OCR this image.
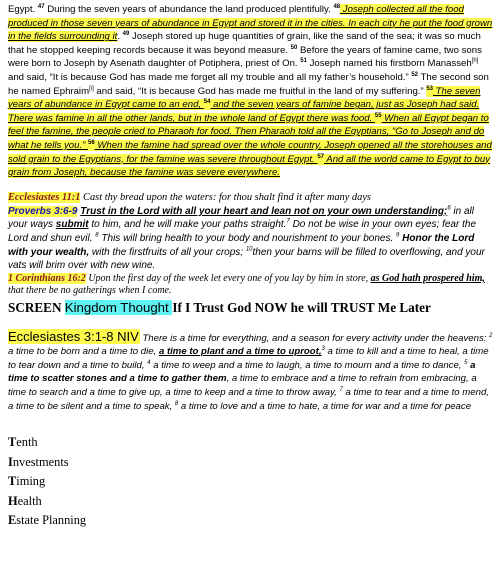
Egypt. $^{47}$ During the seven years of abundance the land produced plentifully. $^{48}$ Joseph collected all the food produced in those seven years of abundance in Egypt and stored it in the cities. In each city he put the food grown in the fields surrounding it. $^{49}$ Joseph stored up huge quantities of grain, like the sand of the sea; it was so much that he stopped keeping records because it was beyond measure. $^{50}$ Before the years of famine came, two sons were born to Joseph by Asenath daughter of Potiphera, priest of On. $^{51}$ Joseph named his firstborn Manasseh[h] and said, “It is because God has made me forget all my trouble and all my father’s household.” $^{52}$ The second son he named Ephraim[i] and said, “It is because God has made me fruitful in the land of my suffering.” $^{53}$ The seven years of abundance in Egypt came to an end, $^{54}$ and the seven years of famine began, just as Joseph had said. There was famine in all the other lands, but in the whole land of Egypt there was food. $^{55}$ When all Egypt began to feel the famine, the people cried to Pharaoh for food. Then Pharaoh told all the Egyptians, “Go to Joseph and do what he tells you.” $^{56}$ When the famine had spread over the whole country, Joseph opened all the storehouses and sold grain to the Egyptians, for the famine was severe throughout Egypt. $^{57}$ And all the world came to Egypt to buy grain from Joseph, because the famine was severe everywhere.

Ecclesiastes 11:1 Cast thy bread upon the waters: for thou shalt find it after many days

Proverbs 3:6-9 Trust in the Lord with all your heart and lean not on your own understanding;$^6$ in all your ways submit to him, and he will make your paths straight.$^7$ Do not be wise in your own eyes; fear the Lord and shun evil. $^8$ This will bring health to your body and nourishment to your bones. $^9$ Honor the Lord with your wealth, with the firstfruits of all your crops; $^{10}$then your barns will be filled to overflowing, and your vats will brim over with new wine.

1 Corinthians 16:2 Upon the first day of the week let every one of you lay by him in store, as God hath prospered him, that there be no gatherings when I come.

SCREEN Kingdom Thought If I Trust God NOW he will TRUST Me Later

Ecclesiastes 3:1-8 NIV There is a time for everything, and a season for every activity under the heavens: $^2$ a time to be born and a time to die, a time to plant and a time to uproot,$^3$ a time to kill and a time to heal, a time to tear down and a time to build, $^4$ a time to weep and a time to laugh, a time to mourn and a time to dance, $^5$ a time to scatter stones and a time to gather them, a time to embrace and a time to refrain from embracing, a time to search and a time to give up, a time to keep and a time to throw away, $^7$ a time to tear and a time to mend, a time to be silent and a time to speak, $^8$ a time to love and a time to hate, a time for war and a time for peace

Tenth
Investments
Timing
Health
Estate Planning
